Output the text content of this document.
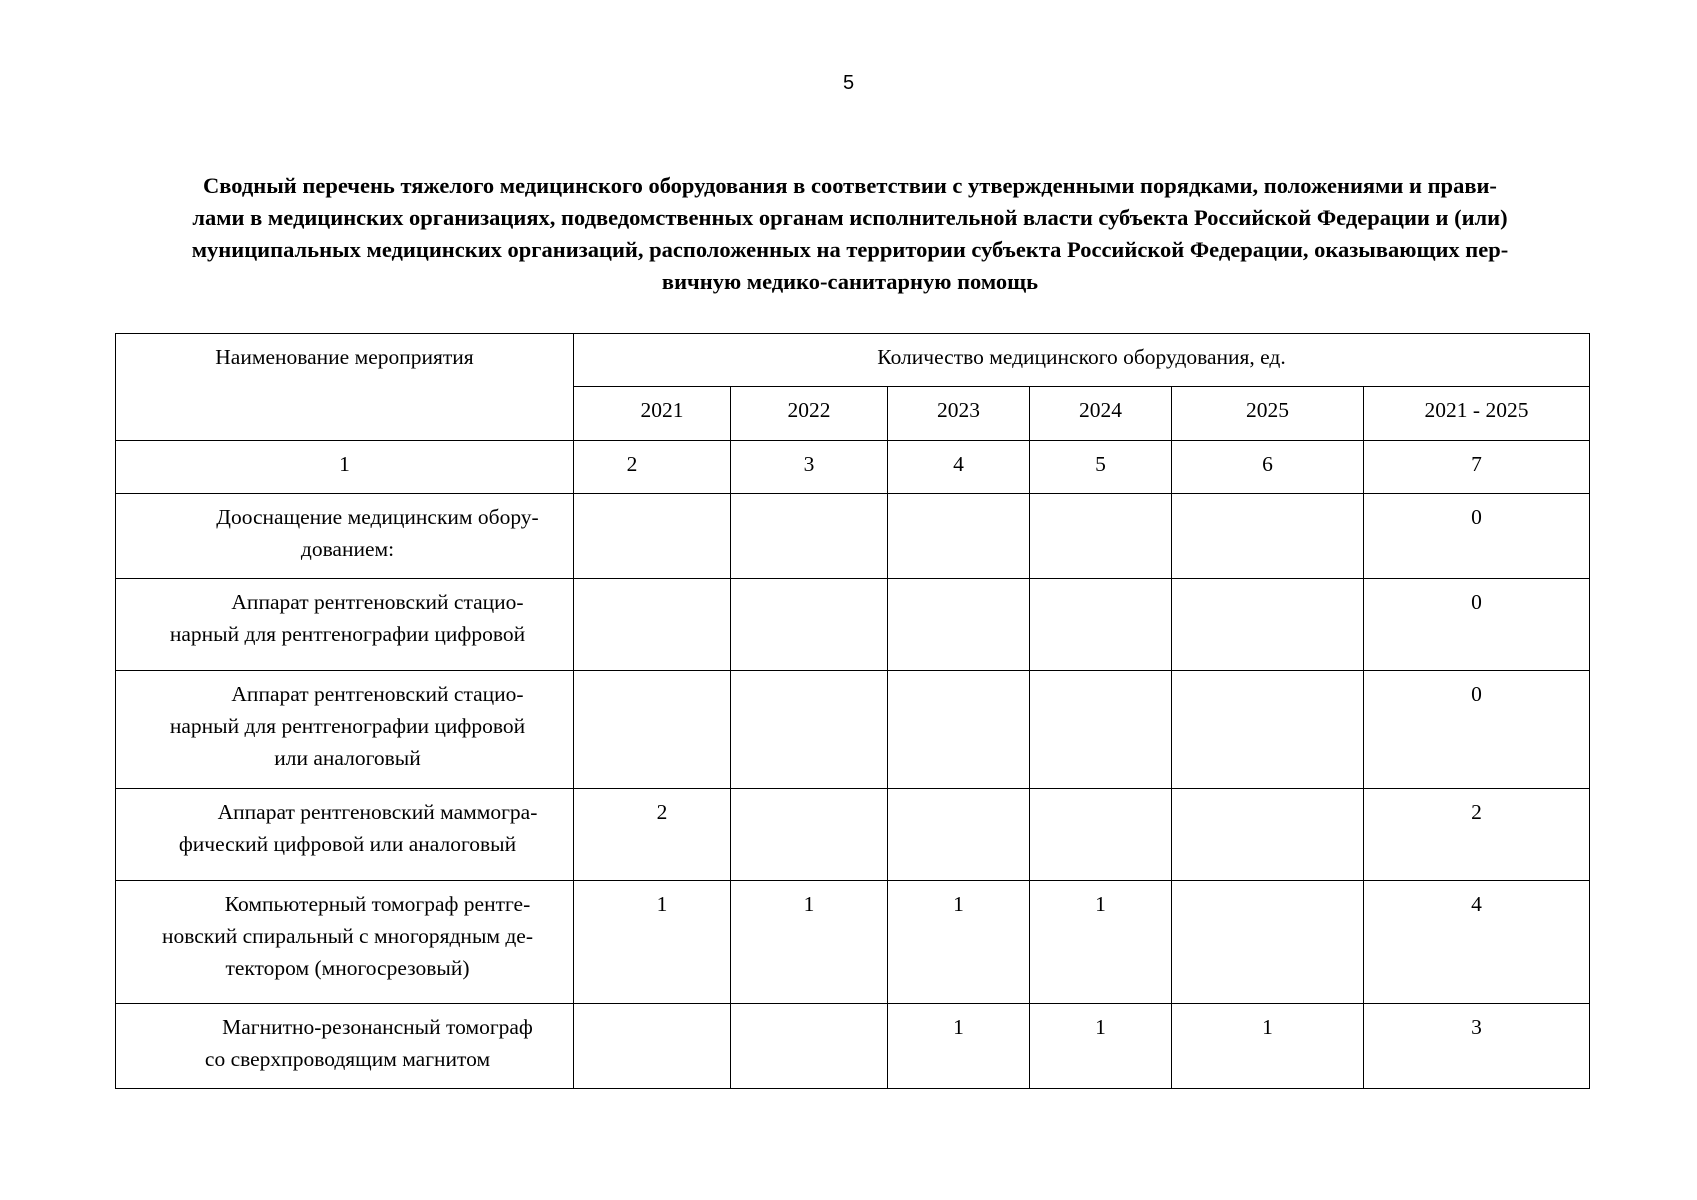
5
Сводный перечень тяжелого медицинского оборудования в соответствии с утвержденными порядками, положениями и прави-
лами в медицинских организациях, подведомственных органам исполнительной власти субъекта Российской Федерации и (или)
муниципальных медицинских организаций, расположенных на территории субъекта Российской Федерации, оказывающих пер-
вичную медико-санитарную помощь
Наименование мероприятия	Количество медицинского оборудования, ед.					

	2021	2022	2023	2024	2025	2021 - 2025

1	2	3	4	5	6	7

Дооснащение медицинским обору-
дованием:						0

Аппарат рентгеновский стацио-
нарный для рентгенографии цифровой						0

Аппарат рентгеновский стацио-
нарный для рентгенографии цифровой
или аналоговый						0

Аппарат рентгеновский маммогра-
фический цифровой или аналоговый	2					2

Компьютерный томограф рентге-
новский спиральный с многорядным де-
тектором (многосрезовый)	1	1	1	1		4

Магнитно-резонансный томограф
со сверхпроводящим магнитом			1	1	1	3
